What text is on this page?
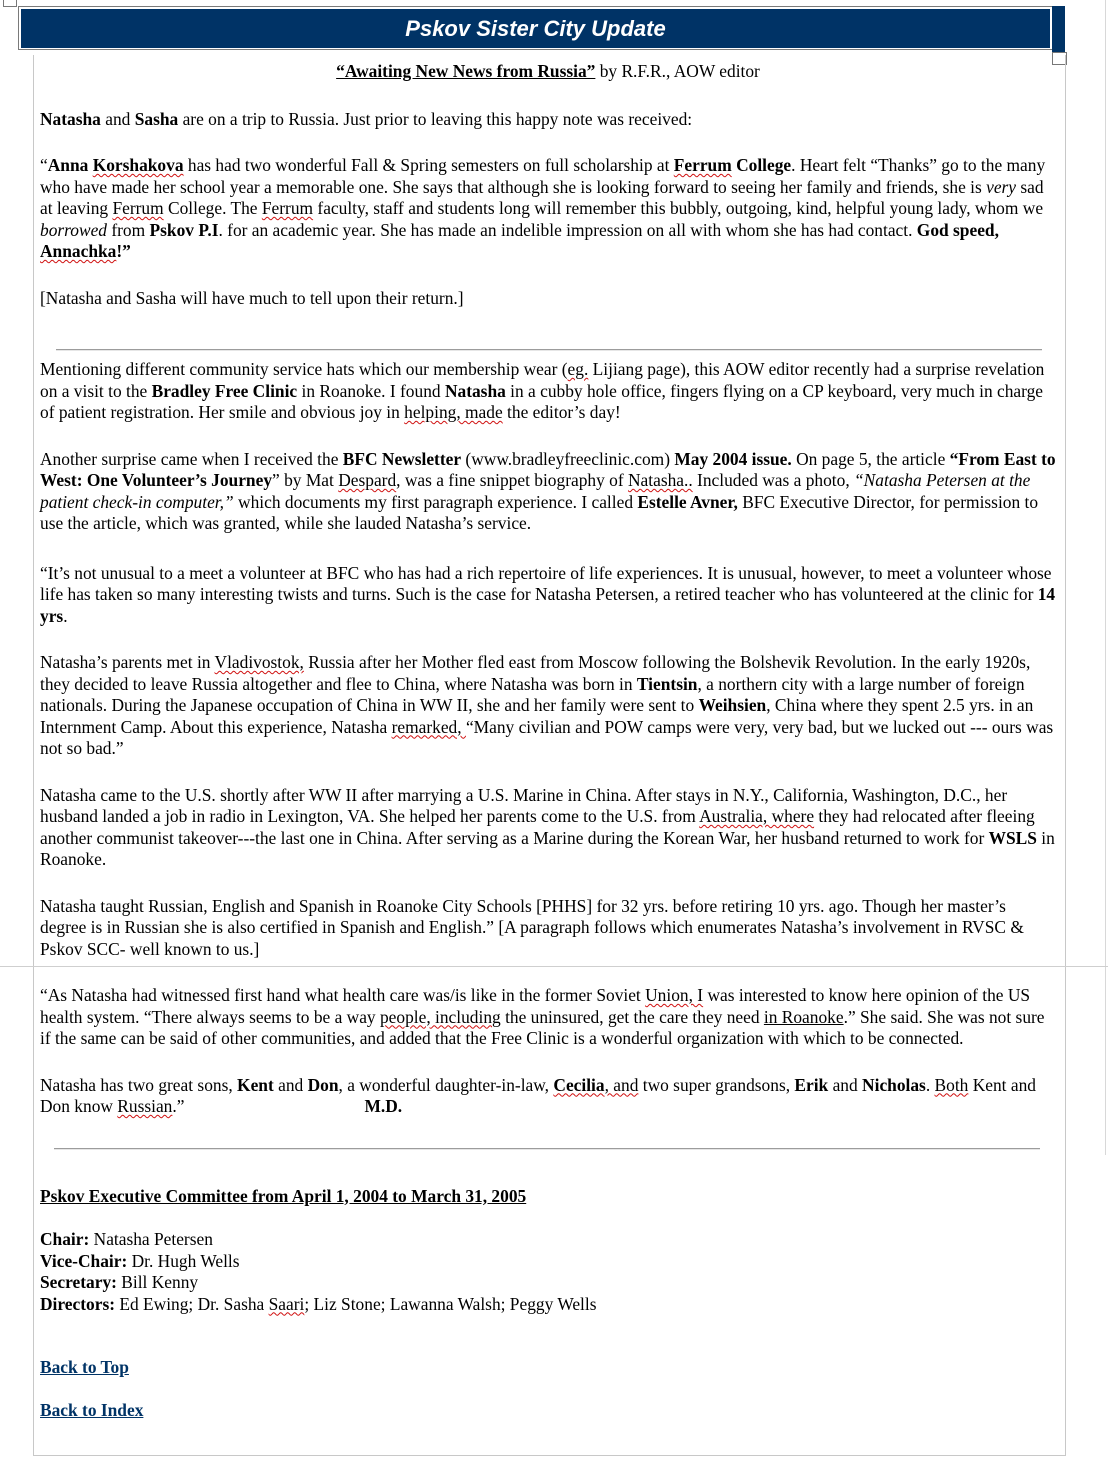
Pskov Sister City Update

“Awaiting New News from Russia” by R.F.R., AOW editor

Natasha and Sasha are on a trip to Russia. Just prior to leaving this happy note was received:

“Anna Korshakova has had two wonderful Fall & Spring semesters on full scholarship at Ferrum College. Heart felt “Thanks” go to the many who have made her school year a memorable one. She says that although she is looking forward to seeing her family and friends, she is very sad at leaving Ferrum College. The Ferrum faculty, staff and students long will remember this bubbly, outgoing, kind, helpful young lady, whom we borrowed from Pskov P.I. for an academic year. She has made an indelible impression on all with whom she has had contact. God speed, Annachka!”

[Natasha and Sasha will have much to tell upon their return.]

Mentioning different community service hats which our membership wear (eg. Lijiang page), this AOW editor recently had a surprise revelation on a visit to the Bradley Free Clinic in Roanoke. I found Natasha in a cubby hole office, fingers flying on a CP keyboard, very much in charge of patient registration. Her smile and obvious joy in helping, made the editor’s day!

Another surprise came when I received the BFC Newsletter (www.bradleyfreeclinic.com) May 2004 issue. On page 5, the article “From East to West: One Volunteer’s Journey” by Mat Despard, was a fine snippet biography of Natasha.. Included was a photo, “Natasha Petersen at the patient check-in computer,” which documents my first paragraph experience. I called Estelle Avner, BFC Executive Director, for permission to use the article, which was granted, while she lauded Natasha’s service.

“It’s not unusual to a meet a volunteer at BFC who has had a rich repertoire of life experiences. It is unusual, however, to meet a volunteer whose life has taken so many interesting twists and turns. Such is the case for Natasha Petersen, a retired teacher who has volunteered at the clinic for 14 yrs.

Natasha’s parents met in Vladivostok, Russia after her Mother fled east from Moscow following the Bolshevik Revolution. In the early 1920s, they decided to leave Russia altogether and flee to China, where Natasha was born in Tientsin, a northern city with a large number of foreign nationals. During the Japanese occupation of China in WW II, she and her family were sent to Weihsien, China where they spent 2.5 yrs. in an Internment Camp. About this experience, Natasha remarked, “Many civilian and POW camps were very, very bad, but we lucked out --- ours was not so bad.”

Natasha came to the U.S. shortly after WW II after marrying a U.S. Marine in China. After stays in N.Y., California, Washington, D.C., her husband landed a job in radio in Lexington, VA. She helped her parents come to the U.S. from Australia, where they had relocated after fleeing another communist takeover---the last one in China. After serving as a Marine during the Korean War, her husband returned to work for WSLS in Roanoke.

Natasha taught Russian, English and Spanish in Roanoke City Schools [PHHS] for 32 yrs. before retiring 10 yrs. ago. Though her master’s degree is in Russian she is also certified in Spanish and English.” [A paragraph follows which enumerates Natasha’s involvement in RVSC & Pskov SCC- well known to us.]

“As Natasha had witnessed first hand what health care was/is like in the former Soviet Union, I was interested to know here opinion of the US health system. “There always seems to be a way people, including the uninsured, get the care they need in Roanoke.” She said. She was not sure if the same can be said of other communities, and added that the Free Clinic is a wonderful organization with which to be connected.

Natasha has two great sons, Kent and Don, a wonderful daughter-in-law, Cecilia, and two super grandsons, Erik and Nicholas. Both Kent and Don know Russian.”	M.D.

Pskov Executive Committee from April 1, 2004 to March 31, 2005

Chair: Natasha Petersen

Vice-Chair: Dr. Hugh Wells

Secretary: Bill Kenny

Directors: Ed Ewing; Dr. Sasha Saari; Liz Stone; Lawanna Walsh; Peggy Wells

Back to Top

Back to Index
